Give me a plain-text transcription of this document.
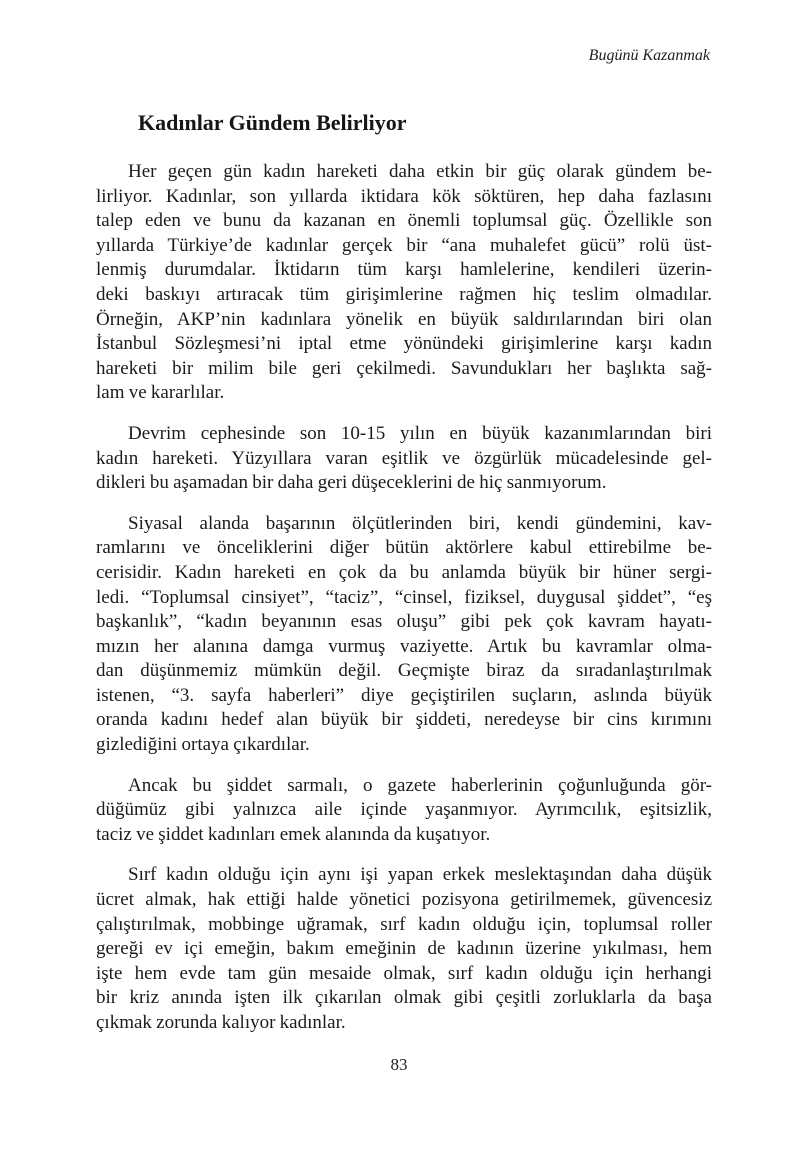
Bugünü Kazanmak
Kadınlar Gündem Belirliyor
Her geçen gün kadın hareketi daha etkin bir güç olarak gündem be-
lirliyor. Kadınlar, son yıllarda iktidara kök söktüren, hep daha fazlasını
talep eden ve bunu da kazanan en önemli toplumsal güç. Özellikle son
yıllarda Türkiye’de kadınlar gerçek bir “ana muhalefet gücü” rolü üst-
lenmiş durumdalar. İktidarın tüm karşı hamlelerine, kendileri üzerin-
deki baskıyı artıracak tüm girişimlerine rağmen hiç teslim olmadılar.
Örneğin, AKP’nin kadınlara yönelik en büyük saldırılarından biri olan
İstanbul Sözleşmesi’ni iptal etme yönündeki girişimlerine karşı kadın
hareketi bir milim bile geri çekilmedi. Savundukları her başlıkta sağ-
lam ve kararlılar.
Devrim cephesinde son 10-15 yılın en büyük kazanımlarından biri
kadın hareketi. Yüzyıllara varan eşitlik ve özgürlük mücadelesinde gel-
dikleri bu aşamadan bir daha geri düşeceklerini de hiç sanmıyorum.
Siyasal alanda başarının ölçütlerinden biri, kendi gündemini, kav-
ramlarını ve önceliklerini diğer bütün aktörlere kabul ettirebilme be-
cerisidir. Kadın hareketi en çok da bu anlamda büyük bir hüner sergi-
ledi. “Toplumsal cinsiyet”, “taciz”, “cinsel, fiziksel, duygusal şiddet”, “eş
başkanlık”, “kadın beyanının esas oluşu” gibi pek çok kavram hayatı-
mızın her alanına damga vurmuş vaziyette. Artık bu kavramlar olma-
dan düşünmemiz mümkün değil. Geçmişte biraz da sıradanlaştırılmak
istenen, “3. sayfa haberleri” diye geçiştirilen suçların, aslında büyük
oranda kadını hedef alan büyük bir şiddeti, neredeyse bir cins kırımını
gizlediğini ortaya çıkardılar.
Ancak bu şiddet sarmalı, o gazete haberlerinin çoğunluğunda gör-
düğümüz gibi yalnızca aile içinde yaşanmıyor. Ayrımcılık, eşitsizlik,
taciz ve şiddet kadınları emek alanında da kuşatıyor.
Sırf kadın olduğu için aynı işi yapan erkek meslektaşından daha düşük
ücret almak, hak ettiği halde yönetici pozisyona getirilmemek, güvencesiz
çalıştırılmak, mobbinge uğramak, sırf kadın olduğu için, toplumsal roller
gereği ev içi emeğin, bakım emeğinin de kadının üzerine yıkılması, hem
işte hem evde tam gün mesaide olmak, sırf kadın olduğu için herhangi
bir kriz anında işten ilk çıkarılan olmak gibi çeşitli zorluklarla da başa
çıkmak zorunda kalıyor kadınlar.
83
